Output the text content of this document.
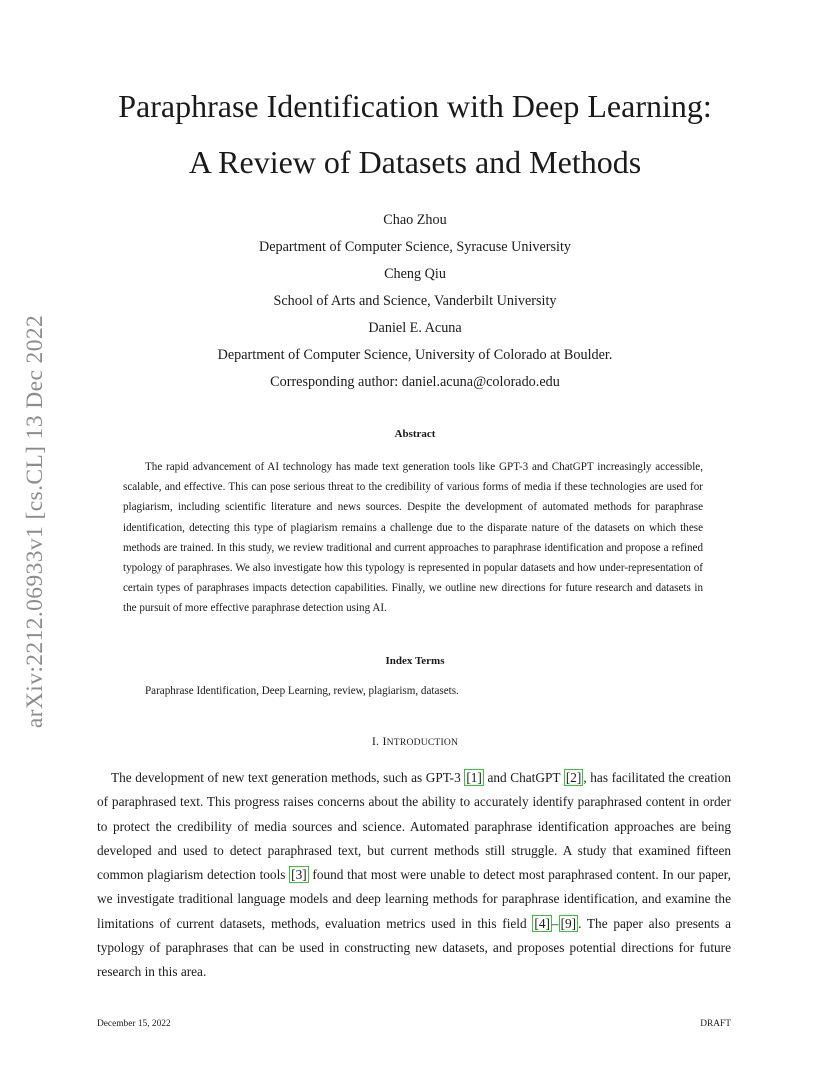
arXiv:2212.06933v1 [cs.CL] 13 Dec 2022
Paraphrase Identification with Deep Learning:
A Review of Datasets and Methods
Chao Zhou
Department of Computer Science, Syracuse University
Cheng Qiu
School of Arts and Science, Vanderbilt University
Daniel E. Acuna
Department of Computer Science, University of Colorado at Boulder.
Corresponding author: daniel.acuna@colorado.edu
Abstract

The rapid advancement of AI technology has made text generation tools like GPT-3 and ChatGPT increasingly accessible, scalable, and effective. This can pose serious threat to the credibility of various forms of media if these technologies are used for plagiarism, including scientific literature and news sources. Despite the development of automated methods for paraphrase identification, detecting this type of plagiarism remains a challenge due to the disparate nature of the datasets on which these methods are trained. In this study, we review traditional and current approaches to paraphrase identification and propose a refined typology of paraphrases. We also investigate how this typology is represented in popular datasets and how under-representation of certain types of paraphrases impacts detection capabilities. Finally, we outline new directions for future research and datasets in the pursuit of more effective paraphrase detection using AI.

Index Terms

Paraphrase Identification, Deep Learning, review, plagiarism, datasets.

I. INTRODUCTION

The development of new text generation methods, such as GPT-3 [1] and ChatGPT [2] , has facilitated the creation of paraphrased text. This progress raises concerns about the ability to accurately identify paraphrased content in order to protect the credibility of media sources and science. Automated paraphrase identification approaches are being developed and used to detect paraphrased text, but current methods still struggle. A study that examined fifteen common plagiarism detection tools [3] found that most were unable to detect most paraphrased content. In our paper, we investigate traditional language models and deep learning methods for paraphrase identification, and examine the limitations of current datasets, methods, evaluation metrics used in this field [4] – [9] . The paper also presents a typology of paraphrases that can be used in constructing new datasets, and proposes potential directions for future research in this area.

December 15, 2022	DRAFT
